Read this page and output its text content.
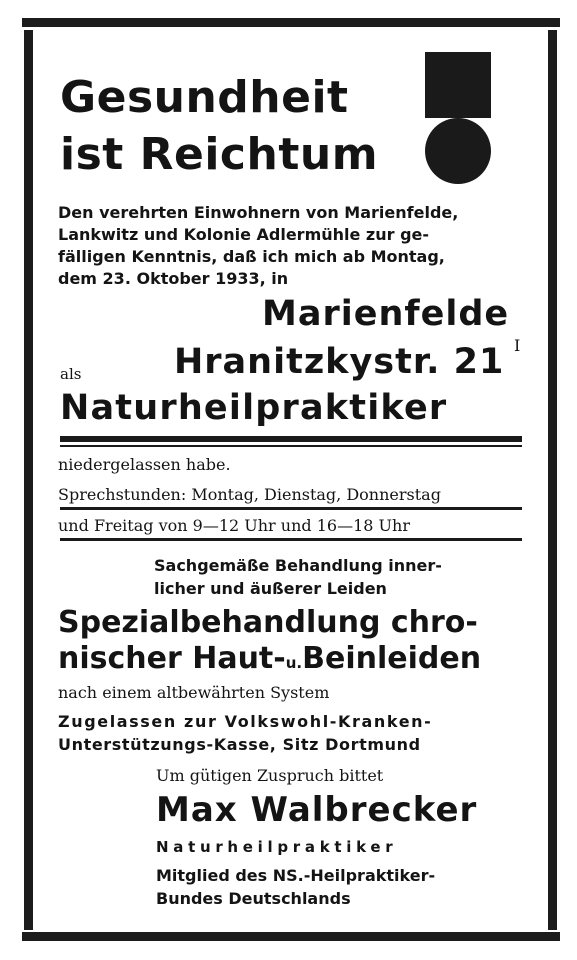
Gesundheit
ist Reichtum
Den verehrten Einwohnern von Marienfelde,
Lankwitz und Kolonie Adlermühle zur ge-
fälligen Kenntnis, daß ich mich ab Montag,
dem 23. Oktober 1933, in
Marienfelde
als	Hranitzkystr. 21 I
Naturheilpraktiker
niedergelassen habe.
Sprechstunden: Montag, Dienstag, Donnerstag
und Freitag von 9—12 Uhr und 16—18 Uhr
Sachgemäße Behandlung inner-
licher und äußerer Leiden
Spezialbehandlung chro-
nischer Haut-u.Beinleiden
nach einem altbewährten System
Zugelassen zur Volkswohl-Kranken-
Unterstützungs-Kasse, Sitz Dortmund
Um gütigen Zuspruch bittet
Max Walbrecker
Naturheilpraktiker
Mitglied des NS.-Heilpraktiker-
Bundes Deutschlands
